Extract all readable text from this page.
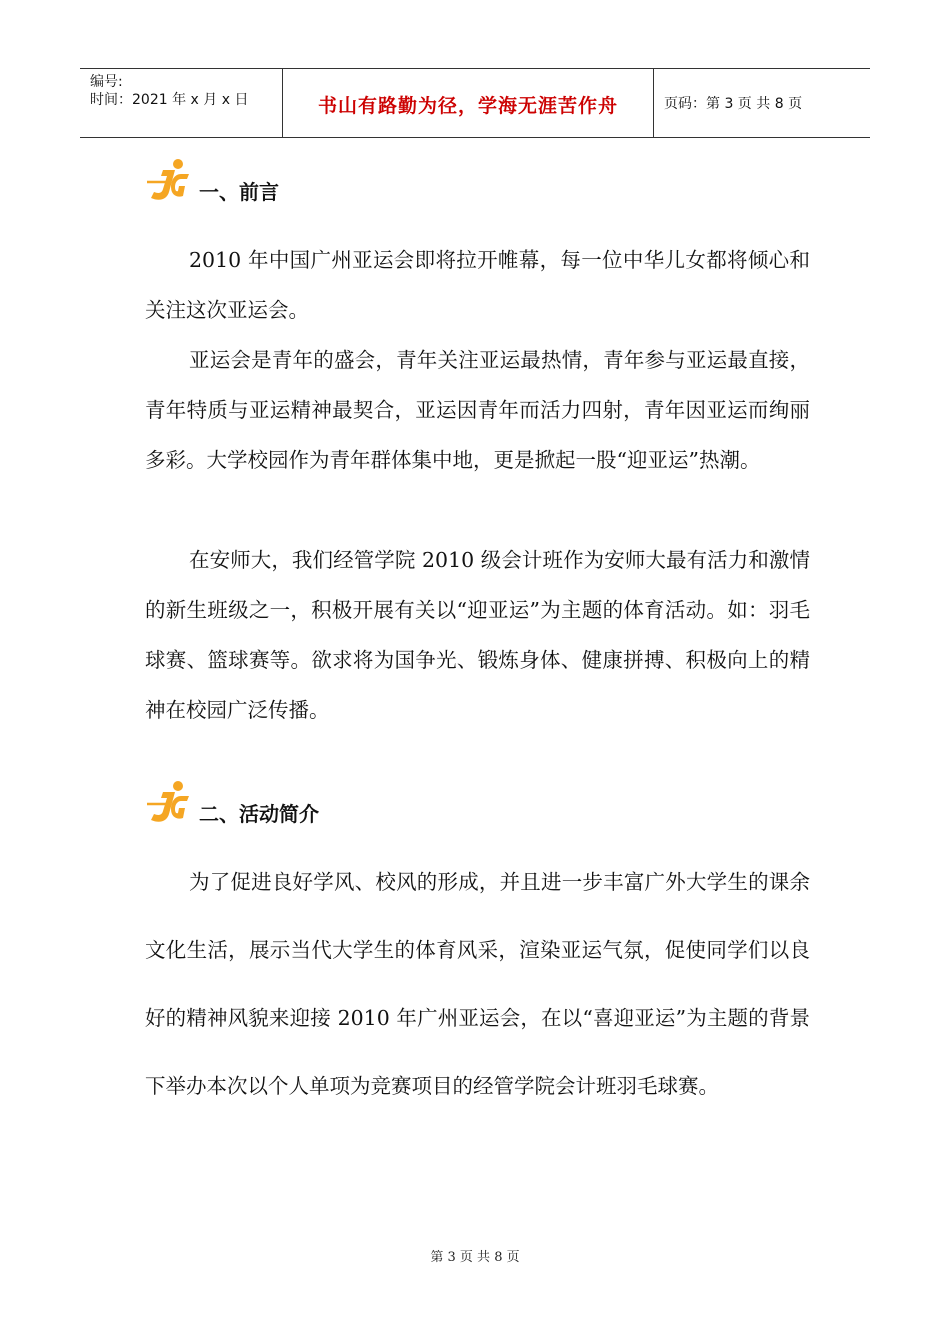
编号:
时间：2021 年 x 月 x 日	书山有路勤为径，学海无涯苦作舟	页码：第 3 页 共 8 页
一、前言

2010 年中国广州亚运会即将拉开帷幕，每一位中华儿女都将倾心和关注这次亚运会。

亚运会是青年的盛会，青年关注亚运最热情，青年参与亚运最直接，青年特质与亚运精神最契合，亚运因青年而活力四射，青年因亚运而绚丽多彩。大学校园作为青年群体集中地，更是掀起一股“迎亚运”热潮。

在安师大，我们经管学院 2010 级会计班作为安师大最有活力和激情的新生班级之一，积极开展有关以“迎亚运”为主题的体育活动。如：羽毛球赛、篮球赛等。欲求将为国争光、锻炼身体、健康拼搏、积极向上的精神在校园广泛传播。

二、活动简介

为了促进良好学风、校风的形成，并且进一步丰富广外大学生的课余文化生活，展示当代大学生的体育风采，渲染亚运气氛，促使同学们以良好的精神风貌来迎接 2010 年广州亚运会，在以“喜迎亚运”为主题的背景下举办本次以个人单项为竞赛项目的经管学院会计班羽毛球赛。

第 3 页 共 8 页
